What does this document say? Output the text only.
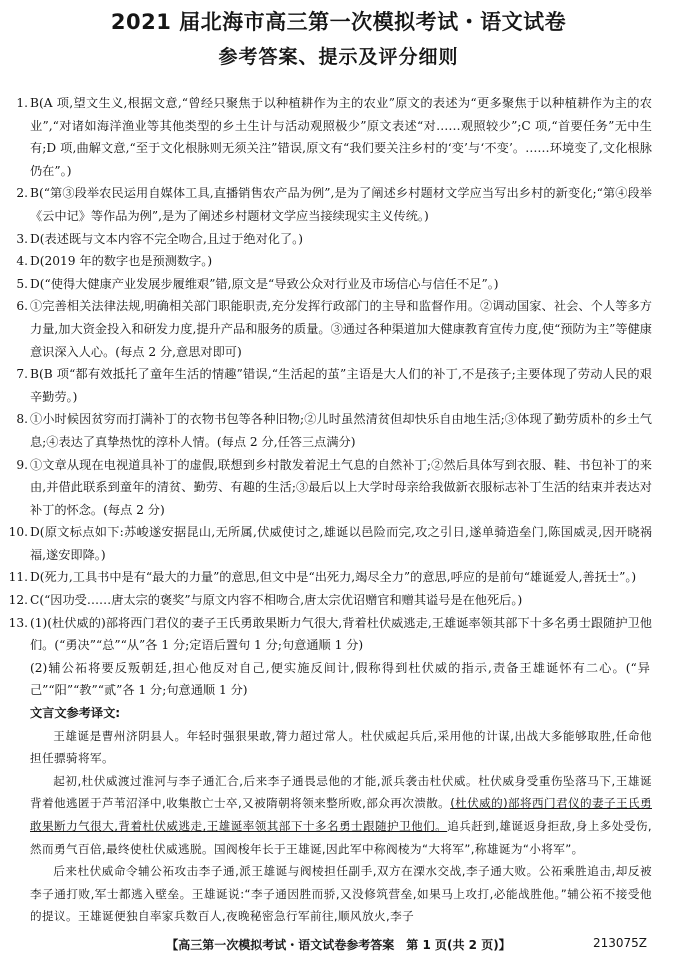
2021 届北海市高三第一次模拟考试・语文试卷
参考答案、提示及评分细则
1. B(A 项,望文生义,根据文意,“曾经只聚焦于以种植耕作为主的农业”原文的表述为“更多聚焦于以种植耕作为主的农业”,“对诸如海洋渔业等其他类型的乡土生计与活动观照极少”原文表述“对……观照较少”;C 项,“首要任务”无中生有;D 项,曲解文意,“至于文化根脉则无须关注”错误,原文有“我们要关注乡村的‘变’与‘不变’。……环境变了,文化根脉仍在”。)
2. B(“第③段举农民运用自媒体工具,直播销售农产品为例”,是为了阐述乡村题材文学应当写出乡村的新变化;“第④段举《云中记》等作品为例”,是为了阐述乡村题材文学应当接续现实主义传统。)
3. D(表述既与文本内容不完全吻合,且过于绝对化了。)
4. D(2019 年的数字也是预测数字。)
5. D(“使得大健康产业发展步履维艰”错,原文是“导致公众对行业及市场信心与信任不足”。)
6. ①完善相关法律法规,明确相关部门职能职责,充分发挥行政部门的主导和监督作用。②调动国家、社会、个人等多方力量,加大资金投入和研发力度,提升产品和服务的质量。③通过各种渠道加大健康教育宣传力度,使“预防为主”等健康意识深入人心。(每点 2 分,意思对即可)
7. B(B 项“都有效抵托了童年生活的情趣”错误,“生活起的茧”主语是大人们的补丁,不是孩子;主要体现了劳动人民的艰辛勤劳。)
8. ①小时候因贫穷而打满补丁的衣物书包等各种旧物;②儿时虽然清贫但却快乐自由地生活;③体现了勤劳质朴的乡土气息;④表达了真挚热忱的淳朴人情。(每点 2 分,任答三点满分)
9. ①文章从现在电视道具补丁的虚假,联想到乡村散发着泥土气息的自然补丁;②然后具体写到衣服、鞋、书包补丁的来由,并借此联系到童年的清贫、勤劳、有趣的生活;③最后以上大学时母亲给我做新衣服标志补丁生活的结束并表达对补丁的怀念。(每点 2 分)
10. D(原文标点如下:苏峻遂安据昆山,无所属,伏威使讨之,雄诞以邑险而完,攻之引日,遂单骑造垒门,陈国威灵,因开晓祸福,遂安即降。)
11. D(死力,工具书中是有“最大的力量”的意思,但文中是“出死力,竭尽全力”的意思,呼应的是前句“雄诞爱人,善抚士”。)
12. C(“因功受……唐太宗的褒奖”与原文内容不相吻合,唐太宗优诏赠官和赠其谥号是在他死后。)
13. (1)(杜伏威的)部将西门君仪的妻子王氏勇敢果断力气很大,背着杜伏威逃走,王雄诞率领其部下十多名勇士跟随护卫他们。(“勇决”“总”“从”各 1 分;定语后置句 1 分;句意通顺 1 分)
(2)辅公祏将要反叛朝廷,担心他反对自己,便实施反间计,假称得到杜伏威的指示,责备王雄诞怀有二心。(“异己”“阳”“教”“贰”各 1 分;句意通顺 1 分)
文言文参考译文:
王雄诞是曹州济阴县人。年轻时强狠果敢,膂力超过常人。杜伏威起兵后,采用他的计谋,出战大多能够取胜,任命他担任骠骑将军。
起初,杜伏威渡过淮河与李子通汇合,后来李子通畏忌他的才能,派兵袭击杜伏威。杜伏威身受重伤坠落马下,王雄诞背着他逃匿于芦苇沼泽中,收集散亡士卒,又被隋朝将领来整所败,部众再次溃散。(杜伏威的)部将西门君仪的妻子王氏勇敢果断力气很大,背着杜伏威逃走,王雄诞率领其部下十多名勇士跟随护卫他们。追兵赶到,雄诞返身拒敌,身上多处受伤,然而勇气百倍,最终使杜伏威逃脱。国阀梭年长于王雄诞,因此军中称阀棱为“大将军”,称雄诞为“小将军”。
后来杜伏威命令辅公祏攻击李子通,派王雄诞与阀棱担任副手,双方在溧水交战,李子通大败。公祏乘胜追击,却反被李子通打败,军士都逃入壁垒。王雄诞说:“李子通因胜而骄,又没修筑营垒,如果马上攻打,必能战胜他。”辅公祏不接受他的提议。王雄诞便独自率家兵数百人,夜晚秘密急行军前往,顺风放火,李子
【高三第一次模拟考试・语文试卷参考答案　第 1 页(共 2 页)】	213075Z
